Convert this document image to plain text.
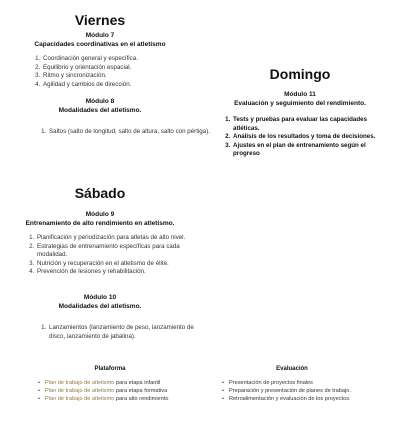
Viernes
Módulo 7
Capacidades coordinativas en el atletismo
1. Coordinación general y específica.
2. Equilibrio y orientación espacial.
3. Ritmo y sincronización.
4. Agilidad y cambios de dirección.
Módulo 8
Modalidades del atletismo.
1. Saltos (salto de longitud, salto de altura, salto con pértiga).
Domingo
Módulo 11
Evaluación y seguimiento del rendimiento.
1. Tests y pruebas para evaluar las capacidades atléticas.
2. Análisis de los resultados y toma de decisiones.
3. Ajustes en el plan de entrenamiento según el progreso
Sábado
Módulo 9
Entrenamiento de alto rendimiento en atletismo.
1. Planificación y periodización para atletas de alto nivel.
2. Estrategias de entrenamiento específicas para cada modalidad.
3. Nutrición y recuperación en el atletismo de élite.
4. Prevención de lesiones y rehabilitación.
Módulo 10
Modalidades del atletismo.
1. Lanzamientos (lanzamiento de peso, lanzamiento de disco, lanzamiento de jabalina).
Plataforma
• Plan de trabajo de atletismo para etapa infantil
• Plan de trabajo de atletismo para etapa formativa
• Plan de trabajo de atletismo para alto rendimiento
Evaluación
• Presentación de proyectos finales
• Preparación y presentación de planes de trabajo.
• Retroalimentación y evaluación de los proyectos.
